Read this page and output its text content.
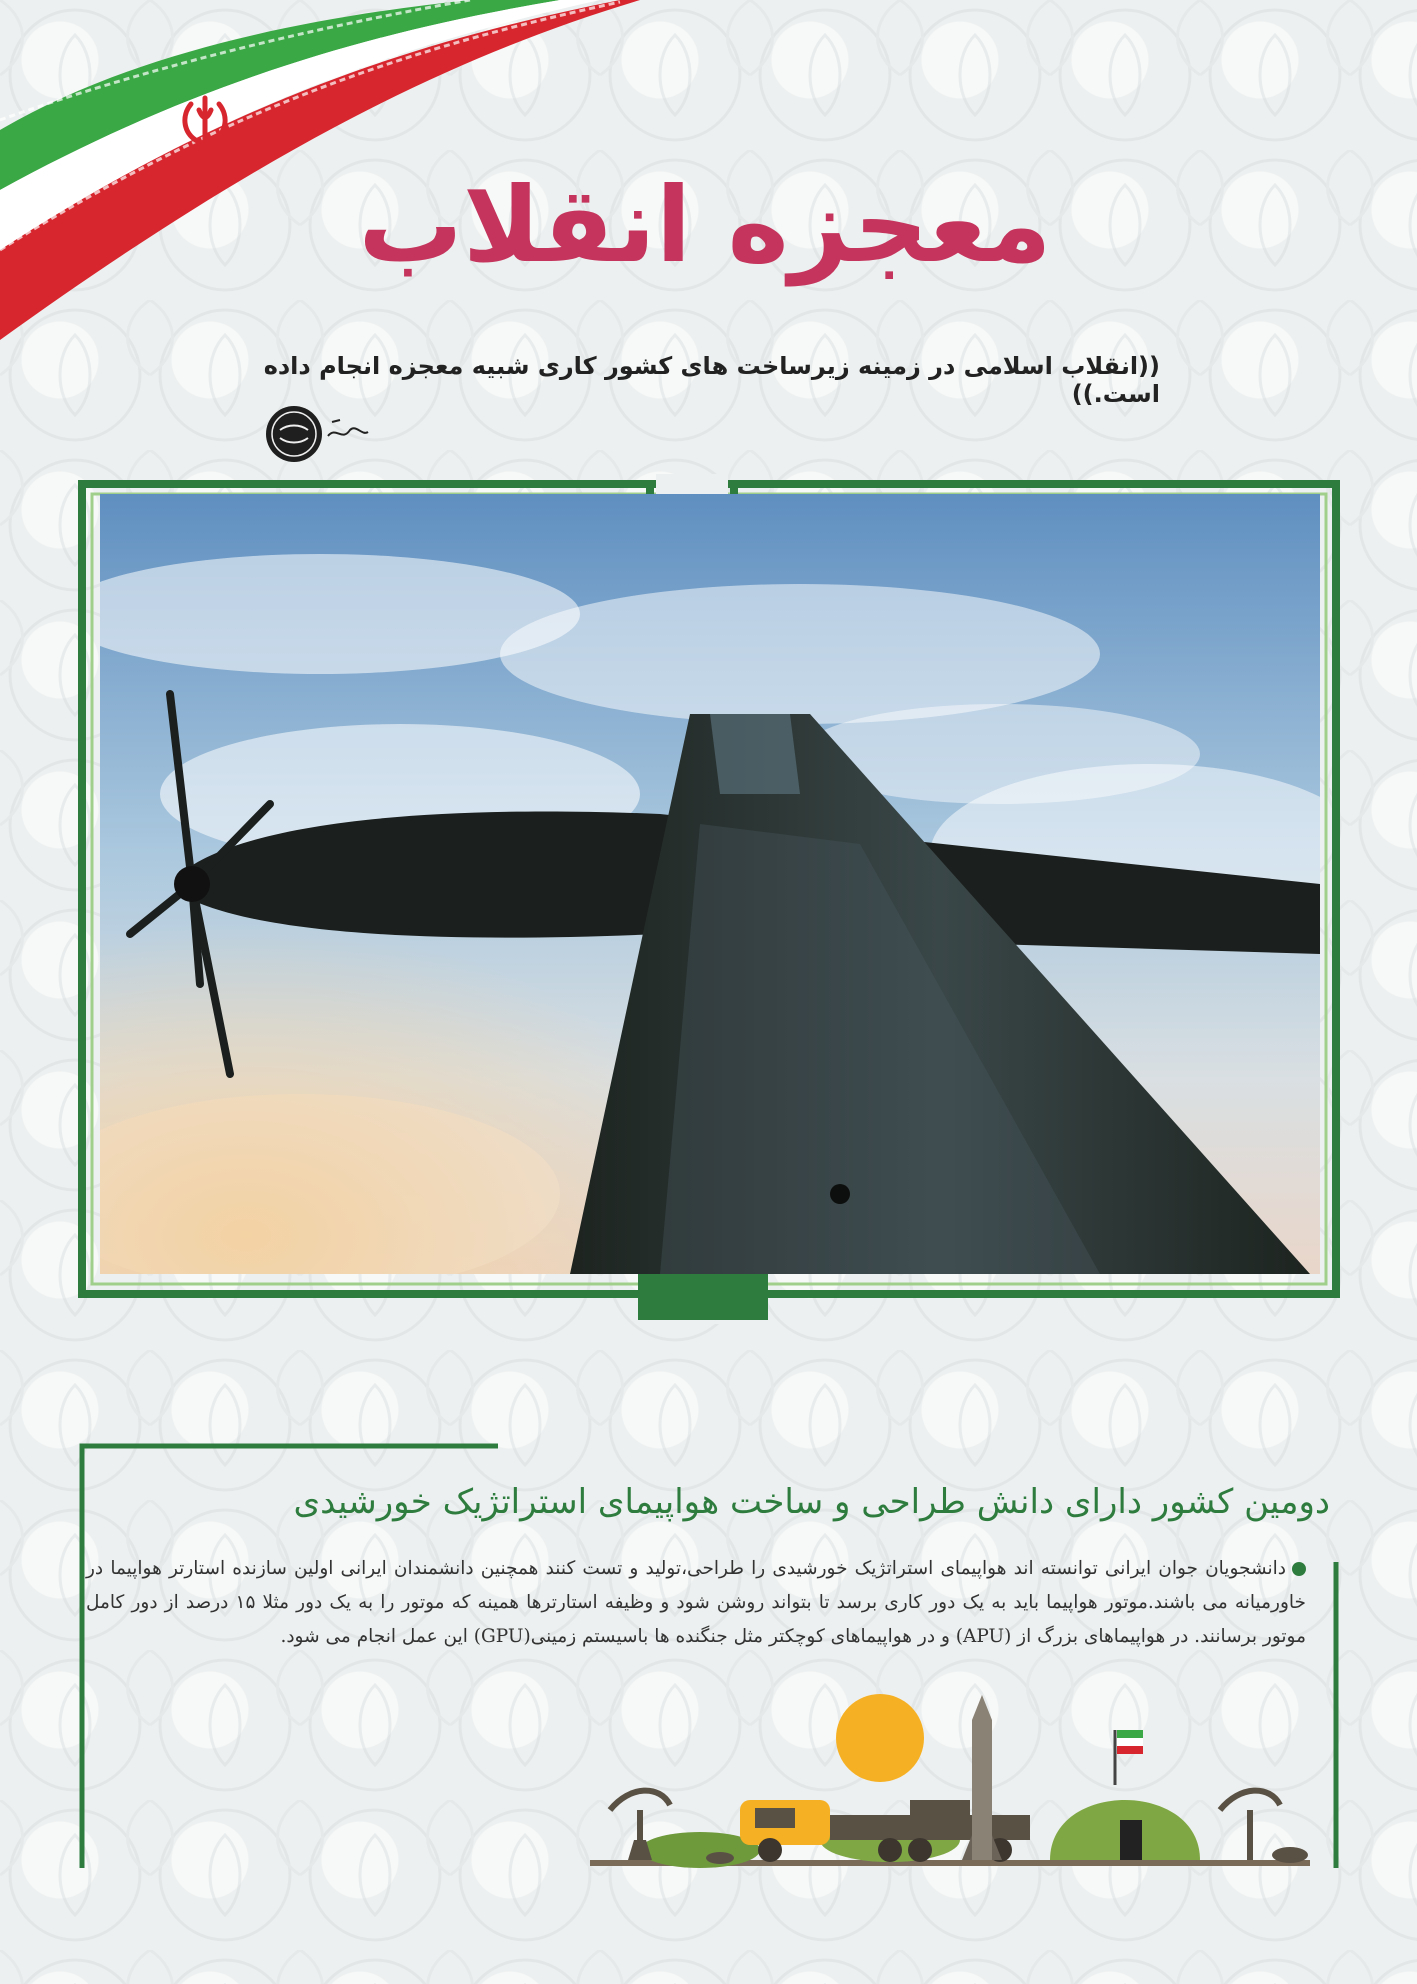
معجزه انقلاب
((انقلاب اسلامی در زمینه زیرساخت های کشور کاری شبیه معجزه انجام داده است.))
دومین کشور دارای دانش طراحی و ساخت هواپیمای استراتژیک خورشیدی
دانشجویان جوان ایرانی توانسته اند هواپیمای استراتژیک خورشیدی را طراحی،تولید و تست کنند همچنین دانشمندان ایرانی اولین سازنده استارتر هواپیما در خاورمیانه می باشند.موتور هواپیما باید به یک دور کاری برسد تا بتواند روشن شود و وظیفه استارترها همینه که موتور را به یک دور مثلا ۱۵ درصد از دور کامل موتور برسانند. در هواپیماهای بزرگ از (APU) و در هواپیماهای کوچکتر مثل جنگنده ها باسیستم زمینی(GPU) این عمل انجام می شود.
